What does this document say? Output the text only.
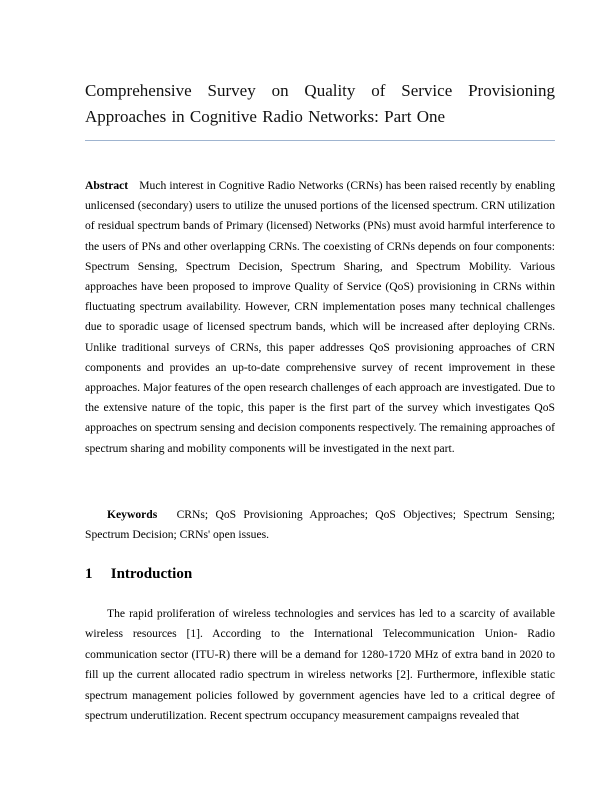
Comprehensive Survey on Quality of Service Provisioning Approaches in Cognitive Radio Networks: Part One
Abstract Much interest in Cognitive Radio Networks (CRNs) has been raised recently by enabling unlicensed (secondary) users to utilize the unused portions of the licensed spectrum. CRN utilization of residual spectrum bands of Primary (licensed) Networks (PNs) must avoid harmful interference to the users of PNs and other overlapping CRNs. The coexisting of CRNs depends on four components: Spectrum Sensing, Spectrum Decision, Spectrum Sharing, and Spectrum Mobility. Various approaches have been proposed to improve Quality of Service (QoS) provisioning in CRNs within fluctuating spectrum availability. However, CRN implementation poses many technical challenges due to sporadic usage of licensed spectrum bands, which will be increased after deploying CRNs. Unlike traditional surveys of CRNs, this paper addresses QoS provisioning approaches of CRN components and provides an up-to-date comprehensive survey of recent improvement in these approaches. Major features of the open research challenges of each approach are investigated. Due to the extensive nature of the topic, this paper is the first part of the survey which investigates QoS approaches on spectrum sensing and decision components respectively. The remaining approaches of spectrum sharing and mobility components will be investigated in the next part.
Keywords CRNs; QoS Provisioning Approaches; QoS Objectives; Spectrum Sensing; Spectrum Decision; CRNs' open issues.
1 Introduction
The rapid proliferation of wireless technologies and services has led to a scarcity of available wireless resources [1]. According to the International Telecommunication Union- Radio communication sector (ITU-R) there will be a demand for 1280-1720 MHz of extra band in 2020 to fill up the current allocated radio spectrum in wireless networks [2]. Furthermore, inflexible static spectrum management policies followed by government agencies have led to a critical degree of spectrum underutilization. Recent spectrum occupancy measurement campaigns revealed that
